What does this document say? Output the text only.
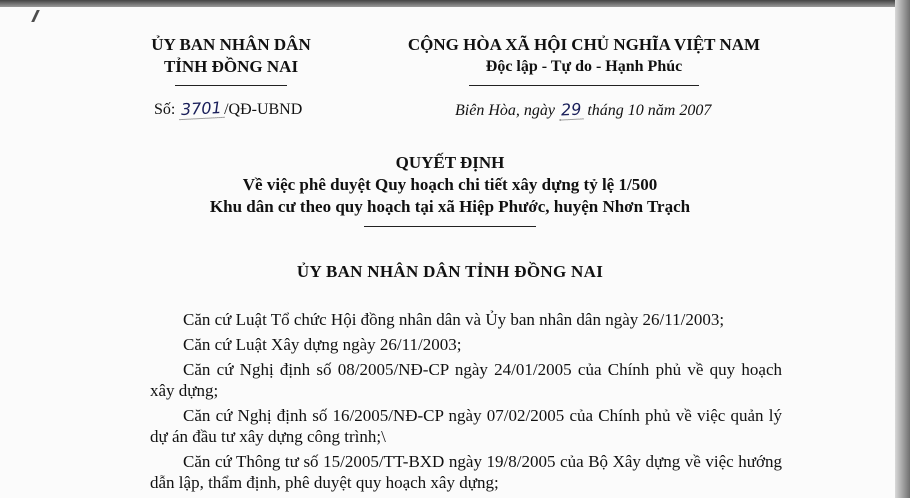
ỦY BAN NHÂN DÂN
TỈNH ĐỒNG NAI
CỘNG HÒA XÃ HỘI CHỦ NGHĨA VIỆT NAM
Độc lập - Tự do - Hạnh Phúc
Số: 3701/QĐ-UBND	Biên Hòa, ngày 29 tháng 10 năm 2007
QUYẾT ĐỊNH
Về việc phê duyệt Quy hoạch chi tiết xây dựng tỷ lệ 1/500
Khu dân cư theo quy hoạch tại xã Hiệp Phước, huyện Nhơn Trạch
ỦY BAN NHÂN DÂN TỈNH ĐỒNG NAI

Căn cứ Luật Tổ chức Hội đồng nhân dân và Ủy ban nhân dân ngày 26/11/2003;

Căn cứ Luật Xây dựng ngày 26/11/2003;

Căn cứ Nghị định số 08/2005/NĐ-CP ngày 24/01/2005 của Chính phủ về quy hoạch xây dựng;

Căn cứ Nghị định số 16/2005/NĐ-CP ngày 07/02/2005 của Chính phủ về việc quản lý dự án đầu tư xây dựng công trình;\

Căn cứ Thông tư số 15/2005/TT-BXD ngày 19/8/2005 của Bộ Xây dựng về việc hướng dẫn lập, thẩm định, phê duyệt quy hoạch xây dựng;
